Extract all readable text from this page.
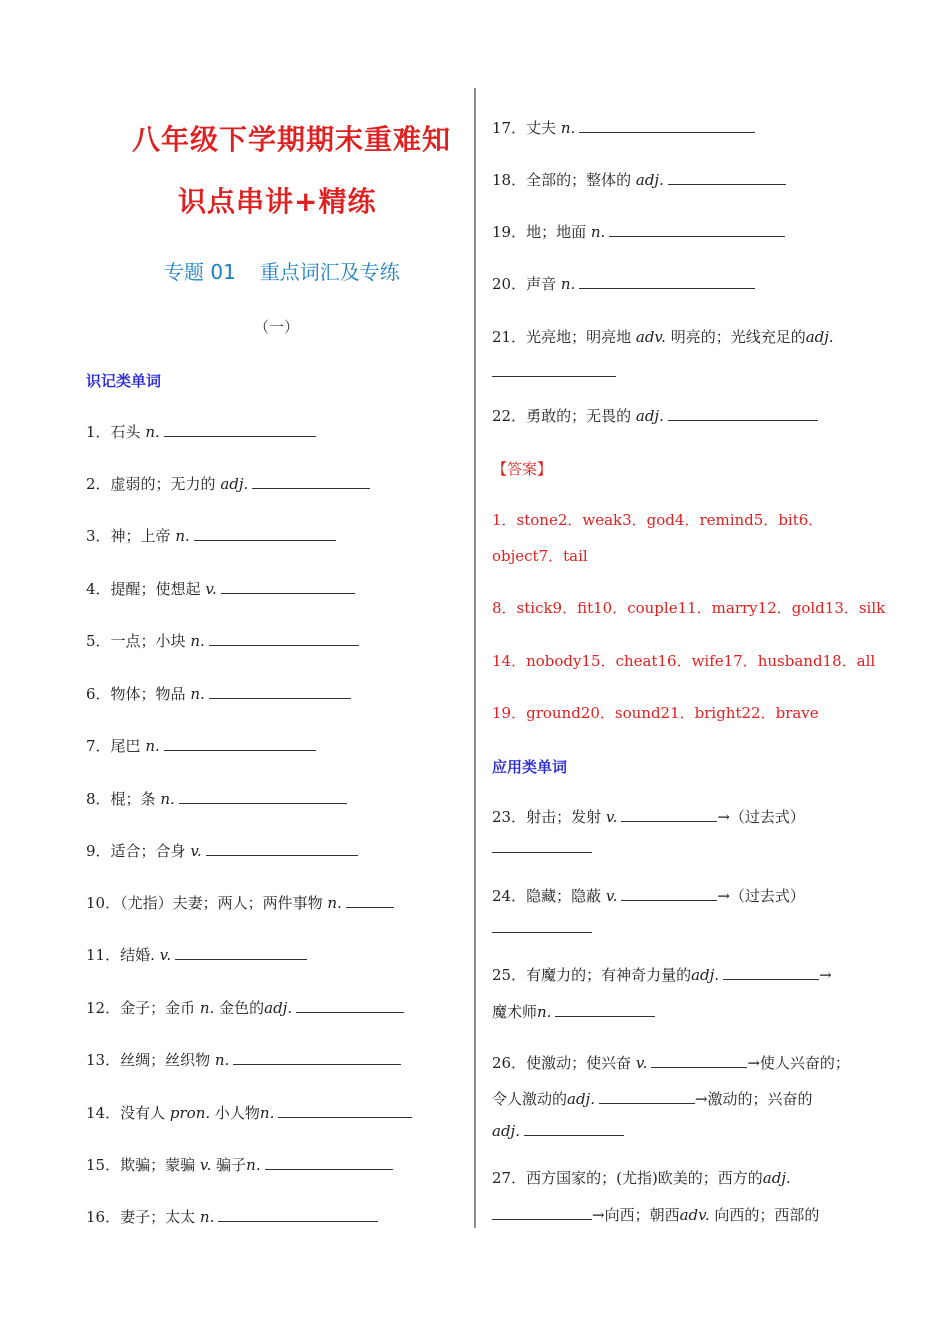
八年级下学期期末重难知
识点串讲+精练
专题 01 重点词汇及专练
（一）
识记类单词
1．石头 n.
2．虚弱的；无力的 adj.
3．神；上帝 n.
4．提醒；使想起 v.
5．一点；小块 n.
6．物体；物品 n.
7．尾巴 n.
8．棍；条 n.
9．适合；合身 v.
10．（尤指）夫妻；两人；两件事物 n.
11．结婚. v.
12．金子；金币 n. 金色的adj.
13．丝绸；丝织物 n.
14．没有人 pron. 小人物n.
15．欺骗；蒙骗 v. 骗子n.
16．妻子；太太 n.
17．丈夫 n.
18．全部的；整体的 adj.
19．地；地面 n.
20．声音 n.
21．光亮地；明亮地 adv. 明亮的；光线充足的adj.
22．勇敢的；无畏的 adj.
【答案】
1．stone2．weak3．god4．remind5．bit6．
object7．tail
8．stick9．fit10．couple11．marry12．gold13．silk
14．nobody15．cheat16．wife17．husband18．all
19．ground20．sound21．bright22．brave
应用类单词
23．射击；发射 v.	→（过去式）
24．隐藏；隐蔽 v.	→（过去式）
25．有魔力的；有神奇力量的adj.	→
魔术师n.
26．使激动；使兴奋 v.	→使人兴奋的；
令人激动的adj.	→激动的；兴奋的
adj.
27．西方国家的；(尤指)欧美的；西方的adj.
→向西；朝西adv. 向西的；西部的
